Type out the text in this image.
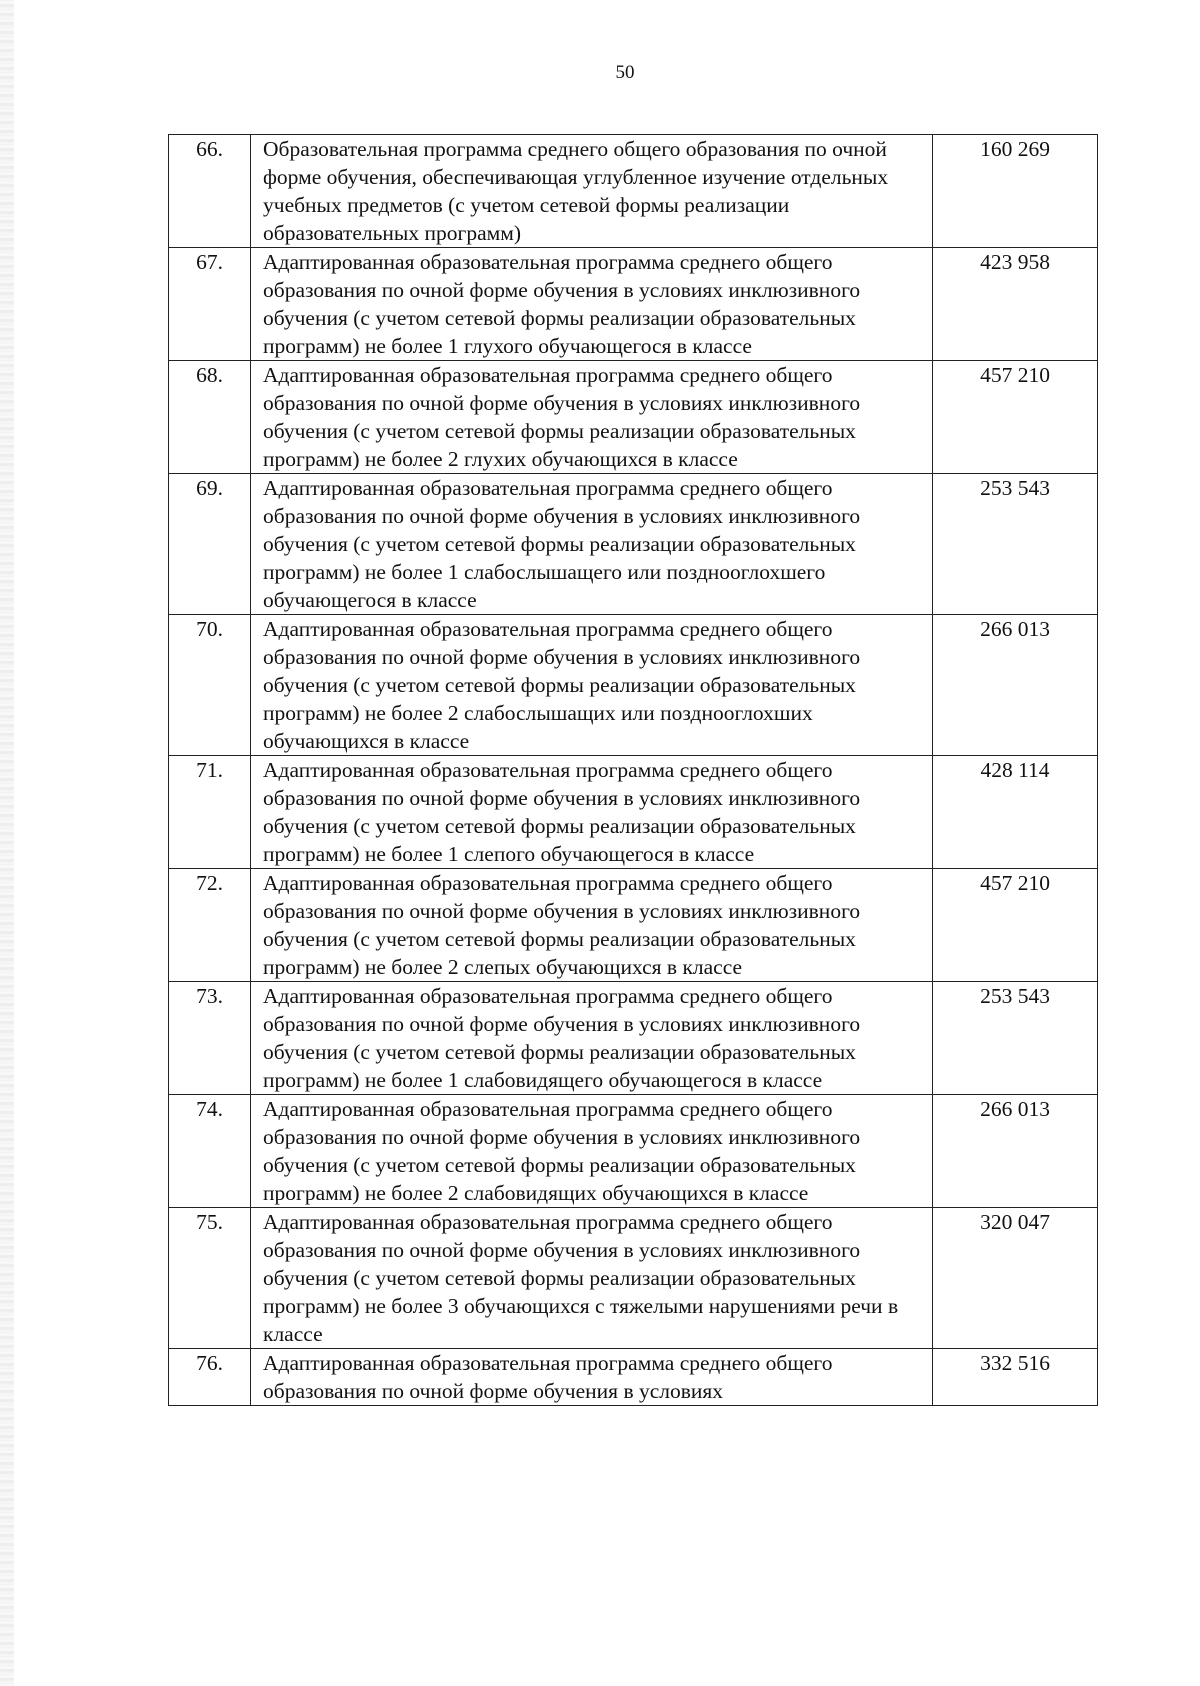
50
66.	Образовательная программа среднего общего образования по очной форме обучения, обеспечивающая углубленное изучение отдельных учебных предметов (с учетом сетевой формы реализации образовательных программ)	160 269
67.	Адаптированная образовательная программа среднего общего образования по очной форме обучения в условиях инклюзивного обучения (с учетом сетевой формы реализации образовательных программ) не более 1 глухого обучающегося в классе	423 958
68.	Адаптированная образовательная программа среднего общего образования по очной форме обучения в условиях инклюзивного обучения (с учетом сетевой формы реализации образовательных программ) не более 2 глухих обучающихся в классе	457 210
69.	Адаптированная образовательная программа среднего общего образования по очной форме обучения в условиях инклюзивного обучения (с учетом сетевой формы реализации образовательных программ) не более 1 слабослышащего или позднооглохшего обучающегося в классе	253 543
70.	Адаптированная образовательная программа среднего общего образования по очной форме обучения в условиях инклюзивного обучения (с учетом сетевой формы реализации образовательных программ) не более 2 слабослышащих или позднооглохших обучающихся в классе	266 013
71.	Адаптированная образовательная программа среднего общего образования по очной форме обучения в условиях инклюзивного обучения (с учетом сетевой формы реализации образовательных программ) не более 1 слепого обучающегося в классе	428 114
72.	Адаптированная образовательная программа среднего общего образования по очной форме обучения в условиях инклюзивного обучения (с учетом сетевой формы реализации образовательных программ) не более 2 слепых обучающихся в классе	457 210
73.	Адаптированная образовательная программа среднего общего образования по очной форме обучения в условиях инклюзивного обучения (с учетом сетевой формы реализации образовательных программ) не более 1 слабовидящего обучающегося в классе	253 543
74.	Адаптированная образовательная программа среднего общего образования по очной форме обучения в условиях инклюзивного обучения (с учетом сетевой формы реализации образовательных программ) не более 2 слабовидящих обучающихся в классе	266 013
75.	Адаптированная образовательная программа среднего общего образования по очной форме обучения в условиях инклюзивного обучения (с учетом сетевой формы реализации образовательных программ) не более 3 обучающихся с тяжелыми нарушениями речи в классе	320 047
76.	Адаптированная образовательная программа среднего общего образования по очной форме обучения в условиях	332 516
